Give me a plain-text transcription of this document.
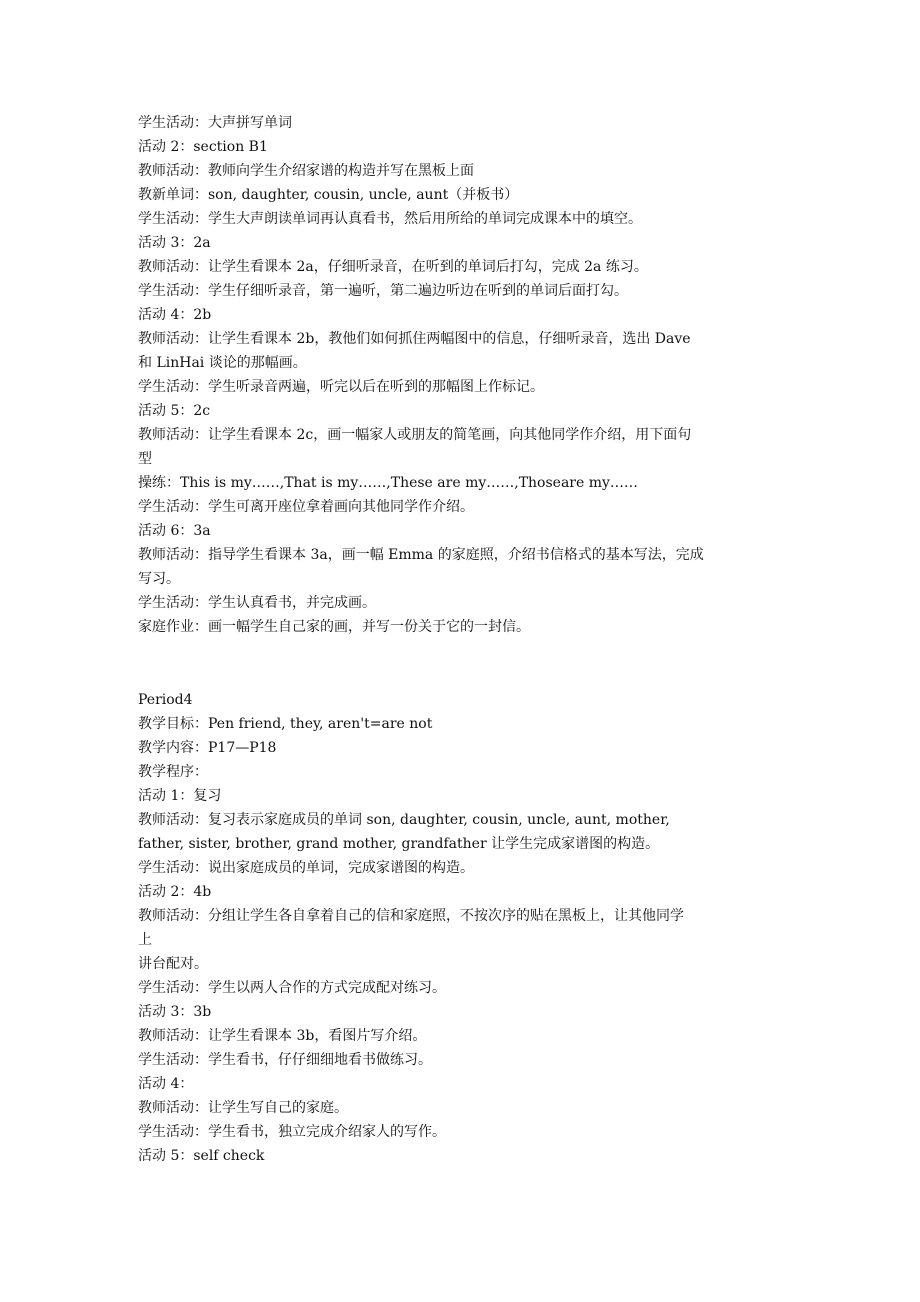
学生活动：大声拼写单词
活动 2：section B1
教师活动：教师向学生介绍家谱的构造并写在黑板上面
教新单词：son, daughter, cousin, uncle, aunt（并板书）
学生活动：学生大声朗读单词再认真看书，然后用所给的单词完成课本中的填空。
活动 3：2a
教师活动：让学生看课本 2a，仔细听录音，在听到的单词后打勾，完成 2a 练习。
学生活动：学生仔细听录音，第一遍听，第二遍边听边在听到的单词后面打勾。
活动 4：2b
教师活动：让学生看课本 2b，教他们如何抓住两幅图中的信息，仔细听录音，选出 Dave
和 LinHai 谈论的那幅画。
学生活动：学生听录音两遍，听完以后在听到的那幅图上作标记。
活动 5：2c
教师活动：让学生看课本 2c，画一幅家人或朋友的简笔画，向其他同学作介绍，用下面句
型
操练：This is my……,That is my……,These are my……,Thoseare my……
学生活动：学生可离开座位拿着画向其他同学作介绍。
活动 6：3a
教师活动：指导学生看课本 3a，画一幅 Emma 的家庭照，介绍书信格式的基本写法，完成
写习。
学生活动：学生认真看书，并完成画。
家庭作业：画一幅学生自己家的画，并写一份关于它的一封信。
Period4
教学目标：Pen friend, they, aren't=are not
教学内容：P17—P18
教学程序：
活动 1：复习
教师活动：复习表示家庭成员的单词 son, daughter, cousin, uncle, aunt, mother,
father, sister, brother, grand mother, grandfather 让学生完成家谱图的构造。
学生活动：说出家庭成员的单词，完成家谱图的构造。
活动 2：4b
教师活动：分组让学生各自拿着自己的信和家庭照，不按次序的贴在黑板上，让其他同学
上
讲台配对。
学生活动：学生以两人合作的方式完成配对练习。
活动 3：3b
教师活动：让学生看课本 3b，看图片写介绍。
学生活动：学生看书，仔仔细细地看书做练习。
活动 4：
教师活动：让学生写自己的家庭。
学生活动：学生看书，独立完成介绍家人的写作。
活动 5：self check
